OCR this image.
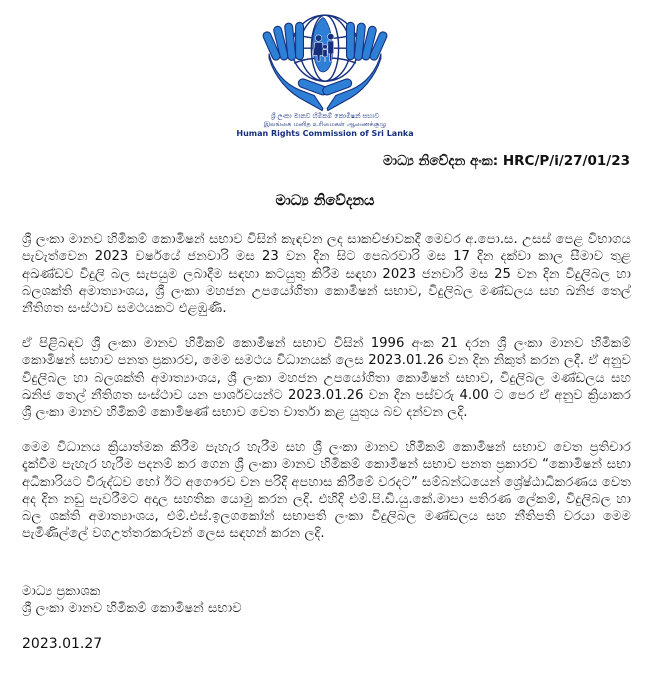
ශ්‍රී ලංකා මානව හිමිකම් කොමිෂන් සභාව
இலங்கை மனித உரிமைகள் ஆணைக்குழு
Human Rights Commission of Sri Lanka
මාධ්‍ය නිවේදන අංක: HRC/P/i/27/01/23
මාධ්‍ය නිවේදනය

ශ්‍රී ලංකා මානව හිමිකම් කොමිෂන් සභාව විසින් කැඳවන ලද සාකච්ඡාවකදී මෙවර අ.පො.ස. උසස් පෙළ විභාගය පැවැත්වෙන 2023 වර්ෂයේ ජනවාරි මස 23 වන දින සිට පෙබරවාරි මස 17 දින දක්වා කාල සීමාව තුළ අඛණ්ඩව විදුලි බල සැපයුම ලබාදීම සඳහා කටයුතු කිරීම සඳහා 2023 ජනවාරි මස 25 වන දින විදුලිබල හා බලශක්ති අමාත්‍යාංශය, ශ්‍රී ලංකා මහජන උපයෝගිතා කොමිෂන් සභාව, විදුලිබල මණ්ඩලය සහ ඛනිජ තෙල් නීතිගත සංස්ථාව සමථයකට එළඹුණි.

ඒ පිළිබඳව ශ්‍රී ලංකා මානව හිමිකම් කොමිෂන් සභාව විසින් 1996 අංක 21 දරන ශ්‍රී ලංකා මානව හිමිකම් කොමිෂන් සභාව පනත ප්‍රකාරව, මෙම සමථය විධානයක් ලෙස 2023.01.26 වන දින නිකුත් කරන ලදී. ඒ අනුව විදුලිබල හා බලශක්ති අමාත්‍යාංශය, ශ්‍රී ලංකා මහජන උපයෝගිතා කොමිෂන් සභාව, විදුලිබල මණ්ඩලය සහ ඛනිජ තෙල් නීතිගත සංස්ථාව යන පාර්ශවයන්ට 2023.01.26 වන දින පස්වරු 4.00 ට පෙර ඒ අනුව ක්‍රියාකර ශ්‍රී ලංකා මානව හිමිකම් කොමිෂණ් සභාව වෙත වාර්තා කළ යුතුය බව දන්වන ලදි.

මෙම විධානය ක්‍රියාත්මක කිරීම පැහැර හැරීම සහ ශ්‍රී ලංකා මානව හිමිකම් කොමිෂන් සභාව වෙත ප්‍රතිචාර දැක්වීම පැහැර හැරීම පදනම් කර ගෙන ශ්‍රී ලංකා මානව හිමිකම් කොමිෂන් සභාව පනත ප්‍රකාරව “කොමිෂන් සභා අධිකාරියට විරුද්ධව හෝ ඊට අගෞරව වන පරිදි අපහාස කිරීමේ වරදට” සම්බන්ධයෙන් ශ්‍රේෂ්ඨාධිකරණය වෙත අද දින නඩු පැවරීමට අදාල සහතික යොමු කරන ලදි. එහිදි එම්.පි.ඩි.යු.කේ.මාපා පතිරණ ලේකම්, විදුලිබල හා බල ශක්ති අමාත්‍යාංශය, එම්.එස්.ඉලගකෝන් සභාපති ලංකා විදුලිබල මණ්ඩලය සහ නීතිපති වරයා මෙම පැමිණිල්ලේ වගඋත්තරකරුවන් ලෙස සඳහන් කරන ලදි.

මාධ්‍ය ප්‍රකාශක
ශ්‍රී ලංකා මානව හිමිකම් කොමිෂන් සභාව
2023.01.27
